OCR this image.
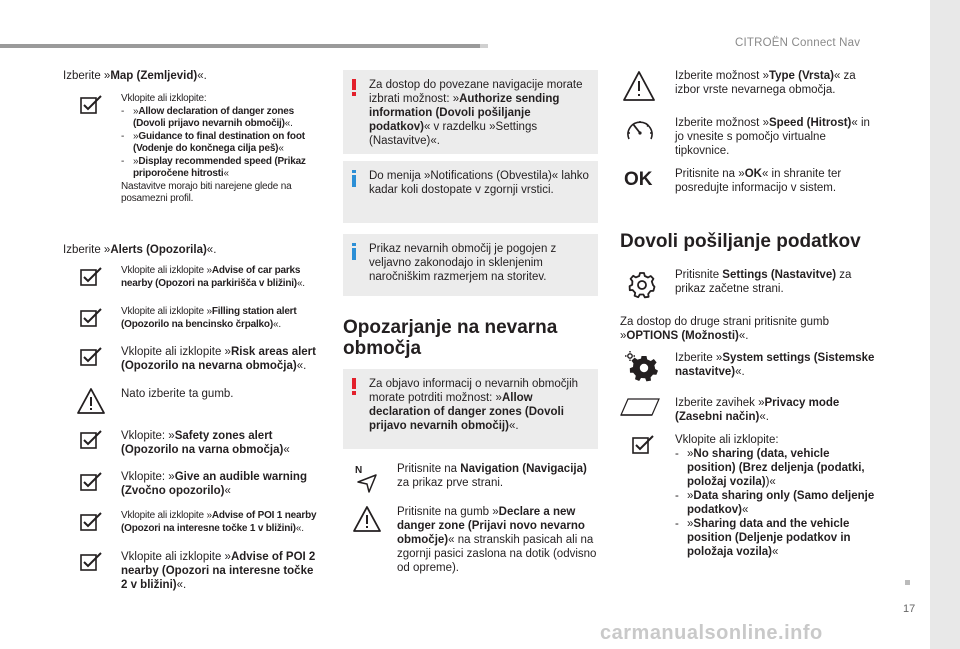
CITROËN Connect Nav
17
carmanualsonline.info
Izberite »Map (Zemljevid)«.
Vklopite ali izklopite:
- »Allow declaration of danger zones (Dovoli prijavo nevarnih območij)«.
- »Guidance to final destination on foot (Vodenje do končnega cilja peš)«
- »Display recommended speed (Prikaz priporočene hitrosti«
Nastavitve morajo biti narejene glede na posamezni profil.
Izberite »Alerts (Opozorila)«.
Vklopite ali izklopite »Advise of car parks nearby (Opozori na parkirišča v bližini)«.
Vklopite ali izklopite »Filling station alert (Opozorilo na bencinsko črpalko)«.
Vklopite ali izklopite »Risk areas alert (Opozorilo na nevarna območja)«.
Nato izberite ta gumb.
Vklopite: »Safety zones alert (Opozorilo na varna območja)«
Vklopite: »Give an audible warning (Zvočno opozorilo)«
Vklopite ali izklopite »Advise of POI 1 nearby (Opozori na interesne točke 1 v bližini)«.
Vklopite ali izklopite »Advise of POI 2 nearby (Opozori na interesne točke 2 v bližini)«.
Za dostop do povezane navigacije morate izbrati možnost: »Authorize sending information (Dovoli pošiljanje podatkov)« v razdelku »Settings (Nastavitve)«.
Do menija »Notifications (Obvestila)« lahko kadar koli dostopate v zgornji vrstici.
Prikaz nevarnih območij je pogojen z veljavno zakonodajo in sklenjenim naročniškim razmerjem na storitev.
Opozarjanje na nevarna območja
Za objavo informacij o nevarnih območjih morate potrditi možnost: »Allow declaration of danger zones (Dovoli prijavo nevarnih območij)«.
N	Pritisnite na Navigation (Navigacija) za prikaz prve strani.
Pritisnite na gumb »Declare a new danger zone (Prijavi novo nevarno območje)« na stranskih pasicah ali na zgornji pasici zaslona na dotik (odvisno od opreme).
Izberite možnost »Type (Vrsta)« za izbor vrste nevarnega območja.
Izberite možnost »Speed (Hitrost)« in jo vnesite s pomočjo virtualne tipkovnice.
OK	Pritisnite na »OK« in shranite ter posredujte informacijo v sistem.
Dovoli pošiljanje podatkov
Pritisnite Settings (Nastavitve) za prikaz začetne strani.
Za dostop do druge strani pritisnite gumb »OPTIONS (Možnosti)«.
Izberite »System settings (Sistemske nastavitve)«.
Izberite zavihek »Privacy mode (Zasebni način)«.
Vklopite ali izklopite:
- »No sharing (data, vehicle position) (Brez deljenja (podatki, položaj vozila))«
- »Data sharing only (Samo deljenje podatkov)«
- »Sharing data and the vehicle position (Deljenje podatkov in položaja vozila)«
